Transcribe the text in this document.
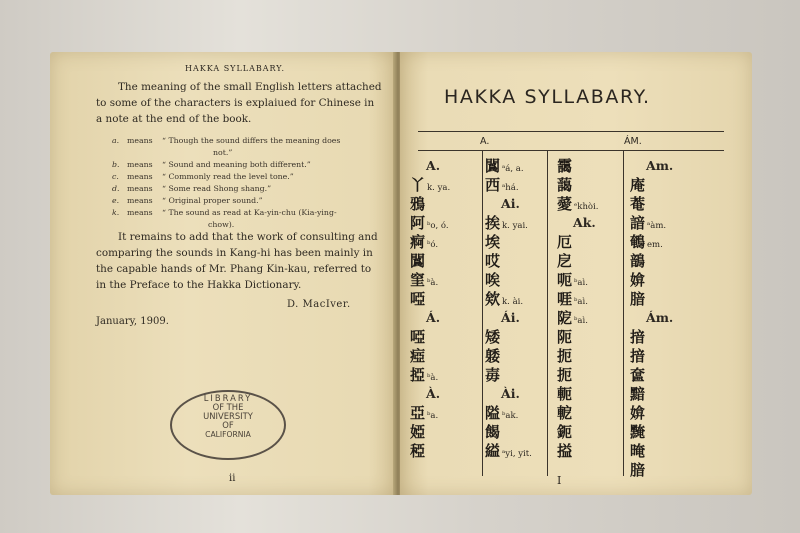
HAKKA SYLLABARY.
The meaning of the small English letters attached
to some of the characters is explaiued for Chinese in
a note at the end of the book.
a. means “ Though the sound differs the meaning does
not.”
b. means “ Sound and meaning both different.”
c. means “ Commonly read the level tone.”
d. means “ Some read Shong shang.”
e. means “ Original proper sound.”
k. means “ The sound as read at Ka-yin-chu (Kia-ying-
chow).
It remains to add that the work of consulting and
comparing the sounds in Kang-hi has been mainly in
the capable hands of Mr. Phang Kin-kau, referred to
in the Preface to the Hakka Dictionary.
D. MacIver.
January, 1909.
LIBRARY
OF THE
UNIVERSITY
OF
CALIFORNIA
ii
HAKKA SYLLABARY.
A.	ÁM.
A.
丫k. ya.
鴉
阿 ᵇo, ó.
痾 ᵇó.
䦱
窐 ᵇà.
啞
Á.
啞
瘂
掗 ᵇà.
À.
亞 ᵇa.
婭
稏
䦱 ᵃá, a.
西 ᵃhá.
Ai.
挨k. yai.
埃
哎
唉
欸k. ài.
Ái.
矮
躷
毐
Ài.
隘 ᵇak.
餲
縊 ᵃyi, yit.
靄
藹
薆 ᵉkhòi.
Ak.
厄
戹
呃 ᵇaì.
啀 ᵇaì.
阸 ᵇaì.
阨
扼
扼
軛
軶
鈪
搤
Am.
庵
菴
諳 ᵃàm.
鵪em.
鶕
媕
腤
Ám.
揞
揞
奩
黯
媕
黤
晻
腤
I
